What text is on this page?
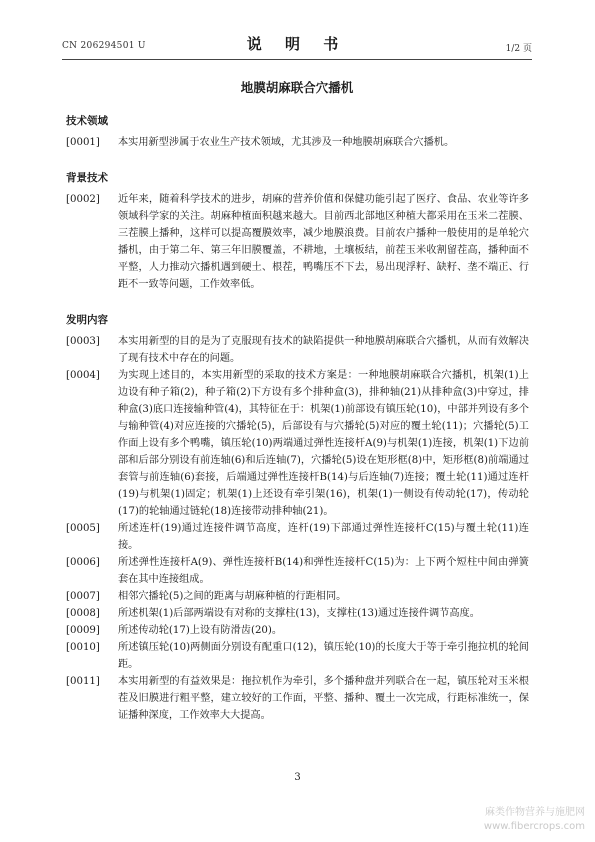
CN 206294501 U	说 明 书	1/2 页
地膜胡麻联合穴播机
技术领域
[0001]	本实用新型涉属于农业生产技术领域，尤其涉及一种地膜胡麻联合穴播机。
背景技术
[0002]	近年来，随着科学技术的进步，胡麻的营养价值和保健功能引起了医疗、食品、农业等许多领域科学家的关注。胡麻种植面积越来越大。目前西北部地区种植大都采用在玉米二茬膜、三茬膜上播种，这样可以提高覆膜效率，减少地膜浪费。目前农户播种一般使用的是单轮穴播机，由于第二年、第三年旧膜覆盖，不耕地，土壤板结，前茬玉米收割留茬高，播种面不平整，人力推动穴播机遇到硬土、根茬，鸭嘴压不下去，易出现浮籽、缺籽、垄不端正、行距不一致等问题，工作效率低。
发明内容
[0003]	本实用新型的目的是为了克服现有技术的缺陷提供一种地膜胡麻联合穴播机，从而有效解决了现有技术中存在的问题。
[0004]	为实现上述目的，本实用新型的采取的技术方案是：一种地膜胡麻联合穴播机，机架(1)上边设有种子箱(2)，种子箱(2)下方设有多个排种盒(3)，排种轴(21)从排种盒(3)中穿过，排种盒(3)底口连接输种管(4)，其特征在于：机架(1)前部设有镇压轮(10)，中部并列设有多个与输种管(4)对应连接的穴播轮(5)，后部设有与穴播轮(5)对应的覆土轮(11)；穴播轮(5)工作面上设有多个鸭嘴，镇压轮(10)两端通过弹性连接杆A(9)与机架(1)连接，机架(1)下边前部和后部分别设有前连轴(6)和后连轴(7)，穴播轮(5)设在矩形框(8)中，矩形框(8)前端通过套管与前连轴(6)套接，后端通过弹性连接杆B(14)与后连轴(7)连接；覆土轮(11)通过连杆(19)与机架(1)固定；机架(1)上还设有牵引架(16)，机架(1)一侧设有传动轮(17)，传动轮(17)的轮轴通过链轮(18)连接带动排种轴(21)。
[0005]	所述连杆(19)通过连接件调节高度，连杆(19)下部通过弹性连接杆C(15)与覆土轮(11)连接。
[0006]	所述弹性连接杆A(9)、弹性连接杆B(14)和弹性连接杆C(15)为：上下两个短柱中间由弹簧套在其中连接组成。
[0007]	相邻穴播轮(5)之间的距离与胡麻种植的行距相同。
[0008]	所述机架(1)后部两端设有对称的支撑柱(13)，支撑柱(13)通过连接件调节高度。
[0009]	所述传动轮(17)上设有防滑齿(20)。
[0010]	所述镇压轮(10)两侧面分别设有配重口(12)，镇压轮(10)的长度大于等于牵引拖拉机的轮间距。
[0011]	本实用新型的有益效果是：拖拉机作为牵引，多个播种盘并列联合在一起，镇压轮对玉米根茬及旧膜进行粗平整，建立较好的工作面，平整、播种、覆土一次完成，行距标准统一，保证播种深度，工作效率大大提高。
3
麻类作物营养与施肥网
www.fibercrops.com
